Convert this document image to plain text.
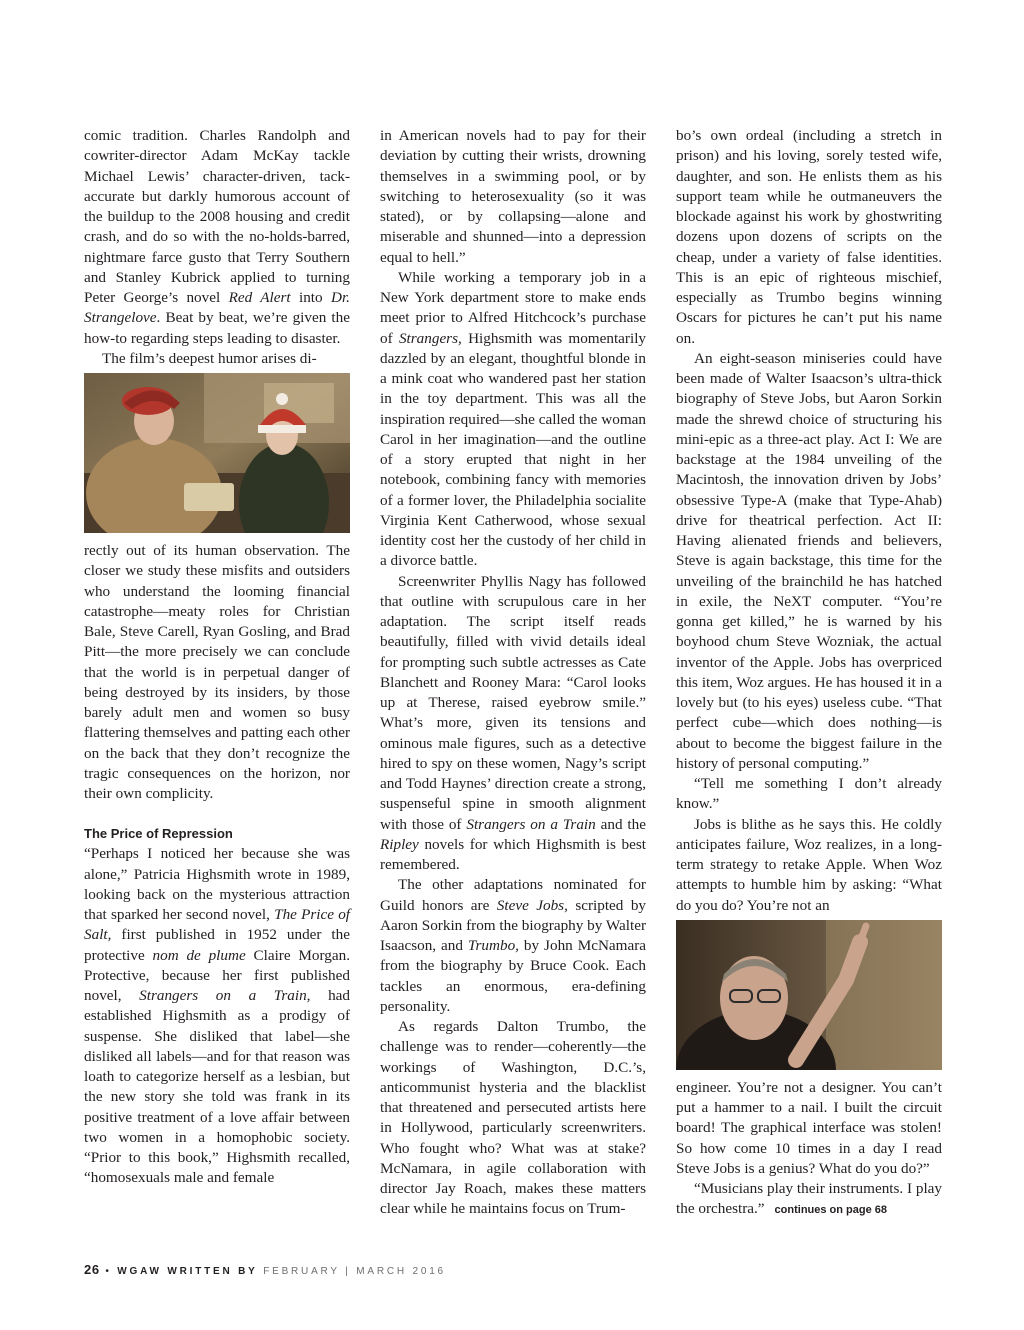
comic tradition. Charles Randolph and cowriter-director Adam McKay tackle Michael Lewis’ character-driven, tack-accurate but darkly humorous account of the buildup to the 2008 housing and credit crash, and do so with the no-holds-barred, nightmare farce gusto that Terry Southern and Stanley Kubrick applied to turning Peter George’s novel Red Alert into Dr. Strangelove. Beat by beat, we’re given the how-to regarding steps leading to disaster.

The film’s deepest humor arises di-

rectly out of its human observation. The closer we study these misfits and outsiders who understand the looming financial catastrophe—meaty roles for Christian Bale, Steve Carell, Ryan Gosling, and Brad Pitt—the more precisely we can conclude that the world is in perpetual danger of being destroyed by its insiders, by those barely adult men and women so busy flattering themselves and patting each other on the back that they don’t recognize the tragic consequences on the horizon, nor their own complicity.

The Price of Repression

“Perhaps I noticed her because she was alone,” Patricia Highsmith wrote in 1989, looking back on the mysterious attraction that sparked her second novel, The Price of Salt, first published in 1952 under the protective nom de plume Claire Morgan. Protective, because her first published novel, Strangers on a Train, had established Highsmith as a prodigy of suspense. She disliked that label—she disliked all labels—and for that reason was loath to categorize herself as a lesbian, but the new story she told was frank in its positive treatment of a love affair between two women in a homophobic society. “Prior to this book,” Highsmith recalled, “homosexuals male and female

in American novels had to pay for their deviation by cutting their wrists, drowning themselves in a swimming pool, or by switching to heterosexuality (so it was stated), or by collapsing—alone and miserable and shunned—into a depression equal to hell.”

While working a temporary job in a New York department store to make ends meet prior to Alfred Hitchcock’s purchase of Strangers, Highsmith was momentarily dazzled by an elegant, thoughtful blonde in a mink coat who wandered past her station in the toy department. This was all the inspiration required—she called the woman Carol in her imagination—and the outline of a story erupted that night in her notebook, combining fancy with memories of a former lover, the Philadelphia socialite Virginia Kent Catherwood, whose sexual identity cost her the custody of her child in a divorce battle.

Screenwriter Phyllis Nagy has followed that outline with scrupulous care in her adaptation. The script itself reads beautifully, filled with vivid details ideal for prompting such subtle actresses as Cate Blanchett and Rooney Mara: “Carol looks up at Therese, raised eyebrow smile.” What’s more, given its tensions and ominous male figures, such as a detective hired to spy on these women, Nagy’s script and Todd Haynes’ direction create a strong, suspenseful spine in smooth alignment with those of Strangers on a Train and the Ripley novels for which Highsmith is best remembered.

The other adaptations nominated for Guild honors are Steve Jobs, scripted by Aaron Sorkin from the biography by Walter Isaacson, and Trumbo, by John McNamara from the biography by Bruce Cook. Each tackles an enormous, era-defining personality.

As regards Dalton Trumbo, the challenge was to render—coherently—the workings of Washington, D.C.’s, anticommunist hysteria and the blacklist that threatened and persecuted artists here in Hollywood, particularly screenwriters. Who fought who? What was at stake? McNamara, in agile collaboration with director Jay Roach, makes these matters clear while he maintains focus on Trum-

bo’s own ordeal (including a stretch in prison) and his loving, sorely tested wife, daughter, and son. He enlists them as his support team while he outmaneuvers the blockade against his work by ghostwriting dozens upon dozens of scripts on the cheap, under a variety of false identities. This is an epic of righteous mischief, especially as Trumbo begins winning Oscars for pictures he can’t put his name on.

An eight-season miniseries could have been made of Walter Isaacson’s ultra-thick biography of Steve Jobs, but Aaron Sorkin made the shrewd choice of structuring his mini-epic as a three-act play. Act I: We are backstage at the 1984 unveiling of the Macintosh, the innovation driven by Jobs’ obsessive Type-A (make that Type-Ahab) drive for theatrical perfection. Act II: Having alienated friends and believers, Steve is again backstage, this time for the unveiling of the brainchild he has hatched in exile, the NeXT computer. “You’re gonna get killed,” he is warned by his boyhood chum Steve Wozniak, the actual inventor of the Apple. Jobs has overpriced this item, Woz argues. He has housed it in a lovely but (to his eyes) useless cube. “That perfect cube—which does nothing—is about to become the biggest failure in the history of personal computing.”

“Tell me something I don’t already know.”

Jobs is blithe as he says this. He coldly anticipates failure, Woz realizes, in a long-term strategy to retake Apple. When Woz attempts to humble him by asking: “What do you do? You’re not an

engineer. You’re not a designer. You can’t put a hammer to a nail. I built the circuit board! The graphical interface was stolen! So how come 10 times in a day I read Steve Jobs is a genius? What do you do?”

“Musicians play their instruments. I play the orchestra.” continues on page 68

26 • WGAW WRITTEN BY FEBRUARY | MARCH 2016
